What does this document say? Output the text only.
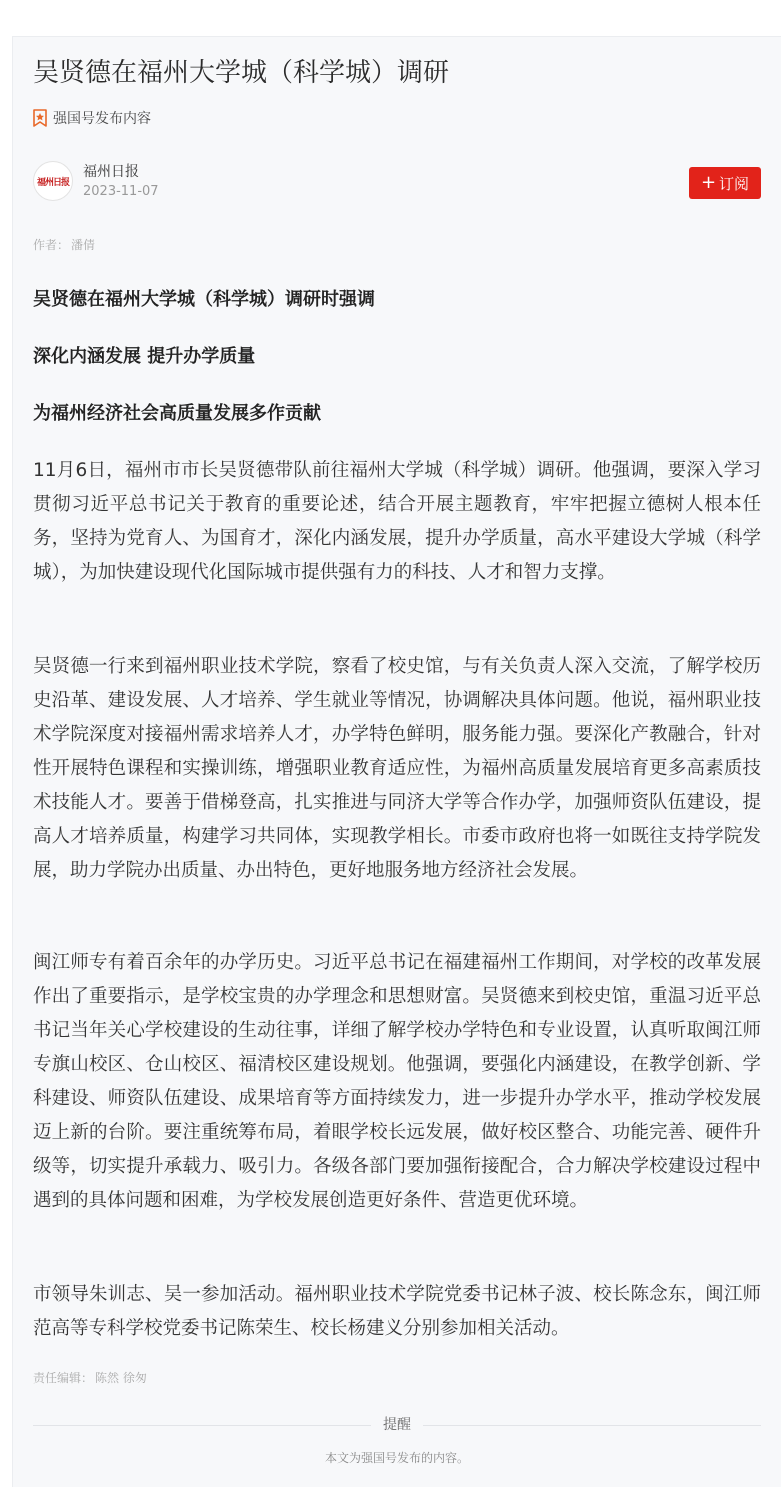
吴贤德在福州大学城（科学城）调研
强国号发布内容
福州日报
福州日报
2023-11-07	+ 订阅
作者： 潘倩

吴贤德在福州大学城（科学城）调研时强调

深化内涵发展 提升办学质量

为福州经济社会高质量发展多作贡献

11月6日，福州市市长吴贤德带队前往福州大学城（科学城）调研。他强调，要深入学习贯彻习近平总书记关于教育的重要论述，结合开展主题教育，牢牢把握立德树人根本任务，坚持为党育人、为国育才，深化内涵发展，提升办学质量，高水平建设大学城（科学城），为加快建设现代化国际城市提供强有力的科技、人才和智力支撑。

吴贤德一行来到福州职业技术学院，察看了校史馆，与有关负责人深入交流，了解学校历史沿革、建设发展、人才培养、学生就业等情况，协调解决具体问题。他说，福州职业技术学院深度对接福州需求培养人才，办学特色鲜明，服务能力强。要深化产教融合，针对性开展特色课程和实操训练，增强职业教育适应性，为福州高质量发展培育更多高素质技术技能人才。要善于借梯登高，扎实推进与同济大学等合作办学，加强师资队伍建设，提高人才培养质量，构建学习共同体，实现教学相长。市委市政府也将一如既往支持学院发展，助力学院办出质量、办出特色，更好地服务地方经济社会发展。

闽江师专有着百余年的办学历史。习近平总书记在福建福州工作期间，对学校的改革发展作出了重要指示，是学校宝贵的办学理念和思想财富。吴贤德来到校史馆，重温习近平总书记当年关心学校建设的生动往事，详细了解学校办学特色和专业设置，认真听取闽江师专旗山校区、仓山校区、福清校区建设规划。他强调，要强化内涵建设，在教学创新、学科建设、师资队伍建设、成果培育等方面持续发力，进一步提升办学水平，推动学校发展迈上新的台阶。要注重统筹布局，着眼学校长远发展，做好校区整合、功能完善、硬件升级等，切实提升承载力、吸引力。各级各部门要加强衔接配合，合力解决学校建设过程中遇到的具体问题和困难，为学校发展创造更好条件、营造更优环境。

市领导朱训志、吴一参加活动。福州职业技术学院党委书记林子波、校长陈念东，闽江师范高等专科学校党委书记陈荣生、校长杨建义分别参加相关活动。

责任编辑： 陈然 徐匆
提醒
本文为强国号发布的内容。
